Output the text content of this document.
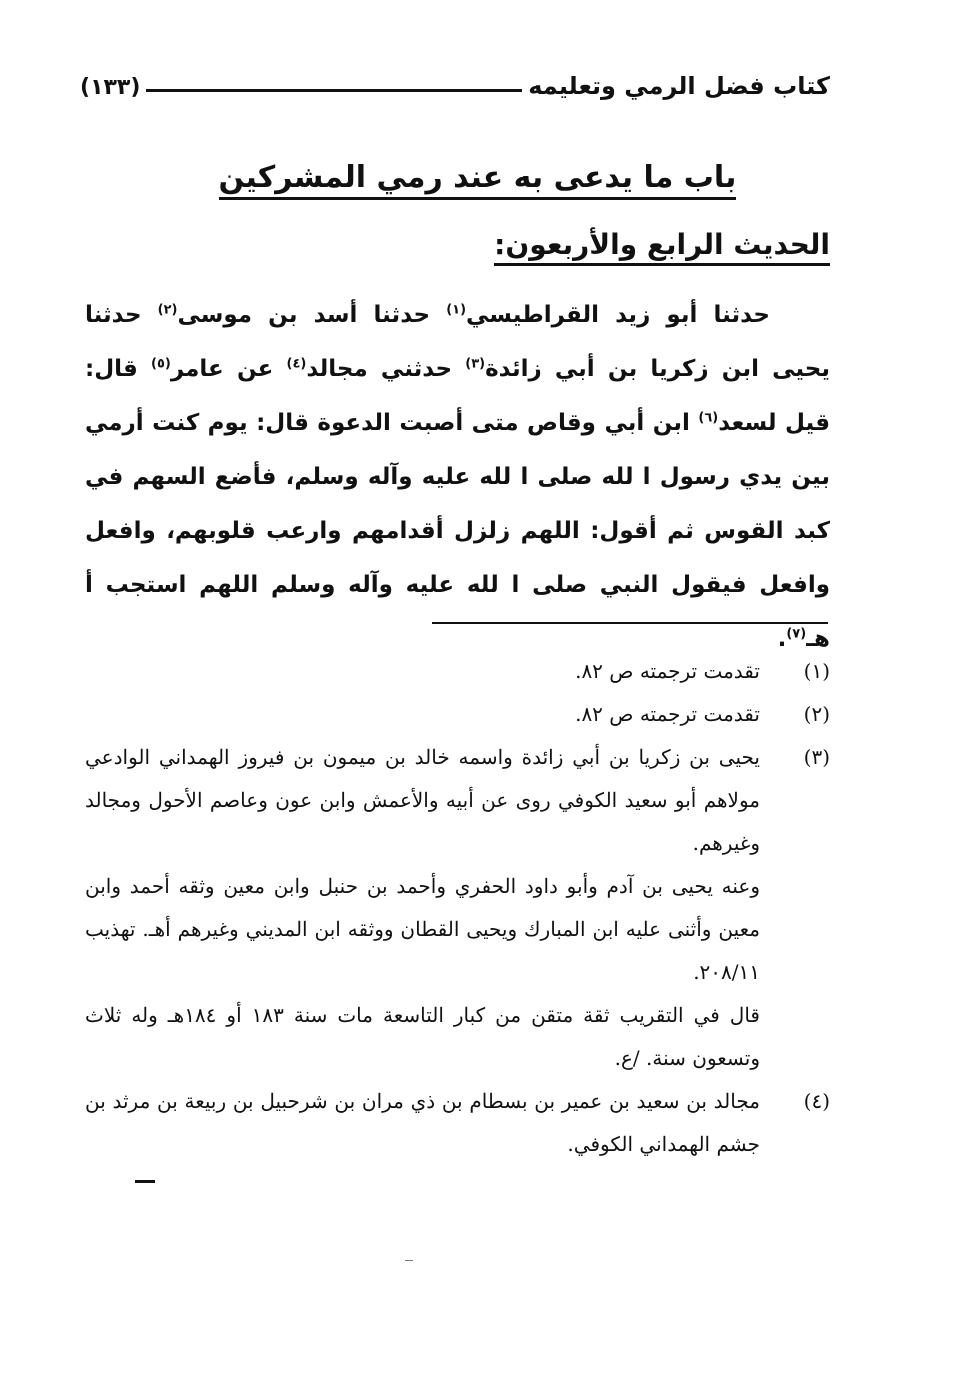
كتاب فضل الرمي وتعليمه
(١٣٣)
باب ما يدعى به عند رمي المشركين
الحديث الرابع والأربعون:

حدثنا أبو زيد القراطيسي$^{(١)}$ حدثنا أسد بن موسى$^{(٢)}$ حدثنا يحيى ابن زكريا بن أبي زائدة$^{(٣)}$ حدثني مجالد$^{(٤)}$ عن عامر$^{(٥)}$ قال: قيل لسعد$^{(٦)}$ ابن أبي وقاص متى أصبت الدعوة قال: يوم كنت أرمي بين يدي رسول ا لله صلى ا لله عليه وآله وسلم، فأضع السهم في كبد القوس ثم أقول: اللهم زلزل أقدامهم وارعب قلوبهم، وافعل وافعل فيقول النبي صلى ا لله عليه وآله وسلم اللهم استجب أ هـ$^{(٧)}$.

(١)

تقدمت ترجمته ص ٨٢.

(٢)

تقدمت ترجمته ص ٨٢.

(٣)

يحيى بن زكريا بن أبي زائدة واسمه خالد بن ميمون بن فيروز الهمداني الوادعي مولاهم أبو سعيد الكوفي روى عن أبيه والأعمش وابن عون وعاصم الأحول ومجالد وغيرهم.

وعنه يحيى بن آدم وأبو داود الحفري وأحمد بن حنبل وابن معين وثقه أحمد وابن معين وأثنى عليه ابن المبارك ويحيى القطان ووثقه ابن المديني وغيرهم أهـ. تهذيب ٢٠٨/١١.

قال في التقريب ثقة متقن من كبار التاسعة مات سنة ١٨٣ أو ١٨٤هـ وله ثلاث وتسعون سنة. /ع.

(٤)

مجالد بن سعيد بن عمير بن بسطام بن ذي مران بن شرحبيل بن ربيعة بن مرثد بن جشم الهمداني الكوفي.
